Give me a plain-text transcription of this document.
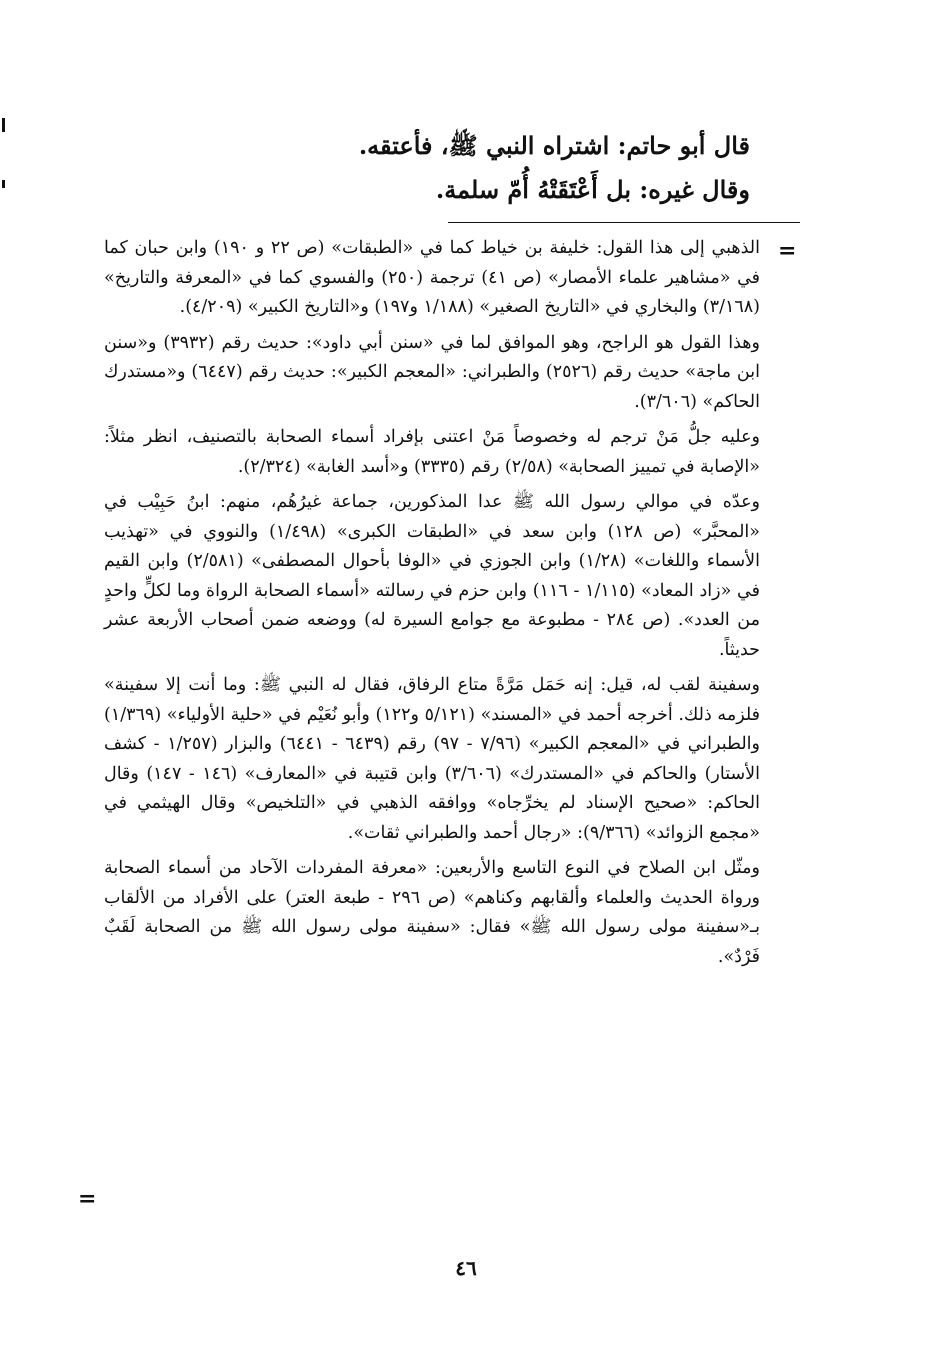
قال أبو حاتم: اشتراه النبي ﷺ، فأعتقه.

وقال غيره: بل أَعْتَقَتْهُ أُمّ سلمة.

=

الذهبي إلى هذا القول: خليفة بن خياط كما في «الطبقات» (ص ٢٢ و ١٩٠) وابن حبان كما في «مشاهير علماء الأمصار» (ص ٤١) ترجمة (٢٥٠) والفسوي كما في «المعرفة والتاريخ» (٣/١٦٨) والبخاري في «التاريخ الصغير» (١/١٨٨ و١٩٧) و«التاريخ الكبير» (٤/٢٠٩).

وهذا القول هو الراجح، وهو الموافق لما في «سنن أبي داود»: حديث رقم (٣٩٣٢) و«سنن ابن ماجة» حديث رقم (٢٥٢٦) والطبراني: «المعجم الكبير»: حديث رقم (٦٤٤٧) و«مستدرك الحاكم» (٣/٦٠٦).

وعليه جلُّ مَنْ ترجم له وخصوصاً مَنْ اعتنى بإفراد أسماء الصحابة بالتصنيف، انظر مثلاً: «الإصابة في تمييز الصحابة» (٢/٥٨) رقم (٣٣٣٥) و«أسد الغابة» (٢/٣٢٤).

وعدّه في موالي رسول الله ﷺ عدا المذكورين، جماعة غيرُهُم، منهم: ابنُ حَبِيْب في «المحبَّر» (ص ١٢٨) وابن سعد في «الطبقات الكبرى» (١/٤٩٨) والنووي في «تهذيب الأسماء واللغات» (١/٢٨) وابن الجوزي في «الوفا بأحوال المصطفى» (٢/٥٨١) وابن القيم في «زاد المعاد» (١/١١٥ - ١١٦) وابن حزم في رسالته «أسماء الصحابة الرواة وما لكلٍّ واحدٍ من العدد». (ص ٢٨٤ - مطبوعة مع جوامع السيرة له) ووضعه ضمن أصحاب الأربعة عشر حديثاً.

وسفينة لقب له، قيل: إنه حَمَل مَرَّةً متاع الرفاق، فقال له النبي ﷺ: وما أنت إلا سفينة» فلزمه ذلك. أخرجه أحمد في «المسند» (٥/١٢١ و١٢٢) وأبو نُعَيْم في «حلية الأولياء» (١/٣٦٩) والطبراني في «المعجم الكبير» (٧/٩٦ - ٩٧) رقم (٦٤٣٩ - ٦٤٤١) والبزار (١/٢٥٧ - كشف الأستار) والحاكم في «المستدرك» (٣/٦٠٦) وابن قتيبة في «المعارف» (١٤٦ - ١٤٧) وقال الحاكم: «صحيح الإسناد لم يخرِّجاه» ووافقه الذهبي في «التلخيص» وقال الهيثمي في «مجمع الزوائد» (٩/٣٦٦): «رجال أحمد والطبراني ثقات».

ومثّل ابن الصلاح في النوع التاسع والأربعين: «معرفة المفردات الآحاد من أسماء الصحابة ورواة الحديث والعلماء وألقابهم وكناهم» (ص ٢٩٦ - طبعة العتر) على الأفراد من الألقاب بـ«سفينة مولى رسول الله ﷺ» فقال: «سفينة مولى رسول الله ﷺ من الصحابة لَقَبٌ فَرْدٌ».

=
٤٦
